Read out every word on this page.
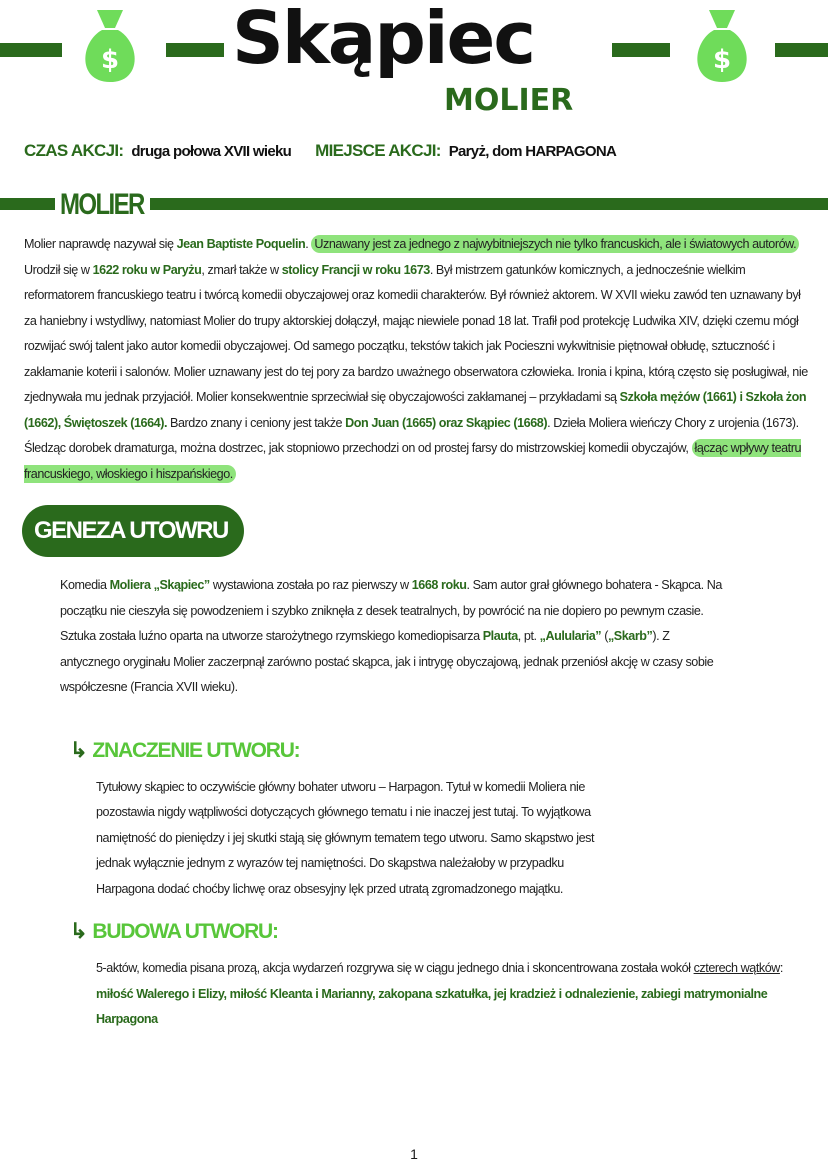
$ Skąpiec
MOLIER
$
CZAS AKCJI: druga połowa XVII wieku MIEJSCE AKCJI: Paryż, dom HARPAGONA
MOLIER

Molier naprawdę nazywał się Jean Baptiste Poquelin. Uznawany jest za jednego z najwybitniejszych nie tylko francuskich, ale i światowych autorów. Urodził się w 1622 roku w Paryżu, zmarł także w stolicy Francji w roku 1673. Był mistrzem gatunków komicznych, a jednocześnie wielkim reformatorem francuskiego teatru i twórcą komedii obyczajowej oraz komedii charakterów. Był również aktorem. W XVII wieku zawód ten uznawany był za haniebny i wstydliwy, natomiast Molier do trupy aktorskiej dołączył, mając niewiele ponad 18 lat. Trafił pod protekcję Ludwika XIV, dzięki czemu mógł rozwijać swój talent jako autor komedii obyczajowej. Od samego początku, tekstów takich jak Pocieszni wykwitnisie piętnował obłudę, sztuczność i zakłamanie koterii i salonów. Molier uznawany jest do tej pory za bardzo uważnego obserwatora człowieka. Ironia i kpina, którą często się posługiwał, nie zjednywała mu jednak przyjaciół. Molier konsekwentnie sprzeciwiał się obyczajowości zakłamanej – przykładami są Szkoła mężów (1661) i Szkoła żon (1662), Świętoszek (1664). Bardzo znany i ceniony jest także Don Juan (1665) oraz Skąpiec (1668). Dzieła Moliera wieńczy Chory z urojenia (1673). Śledząc dorobek dramaturga, można dostrzec, jak stopniowo przechodzi on od prostej farsy do mistrzowskiej komedii obyczajów, łącząc wpływy teatru francuskiego, włoskiego i hiszpańskiego.

GENEZA UTOWRU

Komedia Moliera „Skąpiec” wystawiona została po raz pierwszy w 1668 roku. Sam autor grał głównego bohatera - Skąpca. Na początku nie cieszyła się powodzeniem i szybko zniknęła z desek teatralnych, by powrócić na nie dopiero po pewnym czasie. Sztuka została luźno oparta na utworze starożytnego rzymskiego komediopisarza Plauta, pt. „Aulularia” („Skarb”). Z antycznego oryginału Molier zaczerpnął zarówno postać skąpca, jak i intrygę obyczajową, jednak przeniósł akcję w czasy sobie współczesne (Francia XVII wieku).

↳ ZNACZENIE UTWORU:

Tytułowy skąpiec to oczywiście główny bohater utworu – Harpagon. Tytuł w komedii Moliera nie pozostawia nigdy wątpliwości dotyczących głównego tematu i nie inaczej jest tutaj. To wyjątkowa namiętność do pieniędzy i jej skutki stają się głównym tematem tego utworu. Samo skąpstwo jest jednak wyłącznie jednym z wyrazów tej namiętności. Do skąpstwa należałoby w przypadku Harpagona dodać choćby lichwę oraz obsesyjny lęk przed utratą zgromadzonego majątku.

↳ BUDOWA UTWORU:

5-aktów, komedia pisana prozą, akcja wydarzeń rozgrywa się w ciągu jednego dnia i skoncentrowana została wokół czterech wątków: miłość Walerego i Elizy, miłość Kleanta i Marianny, zakopana szkatułka, jej kradzież i odnalezienie, zabiegi matrymonialne Harpagona

1
